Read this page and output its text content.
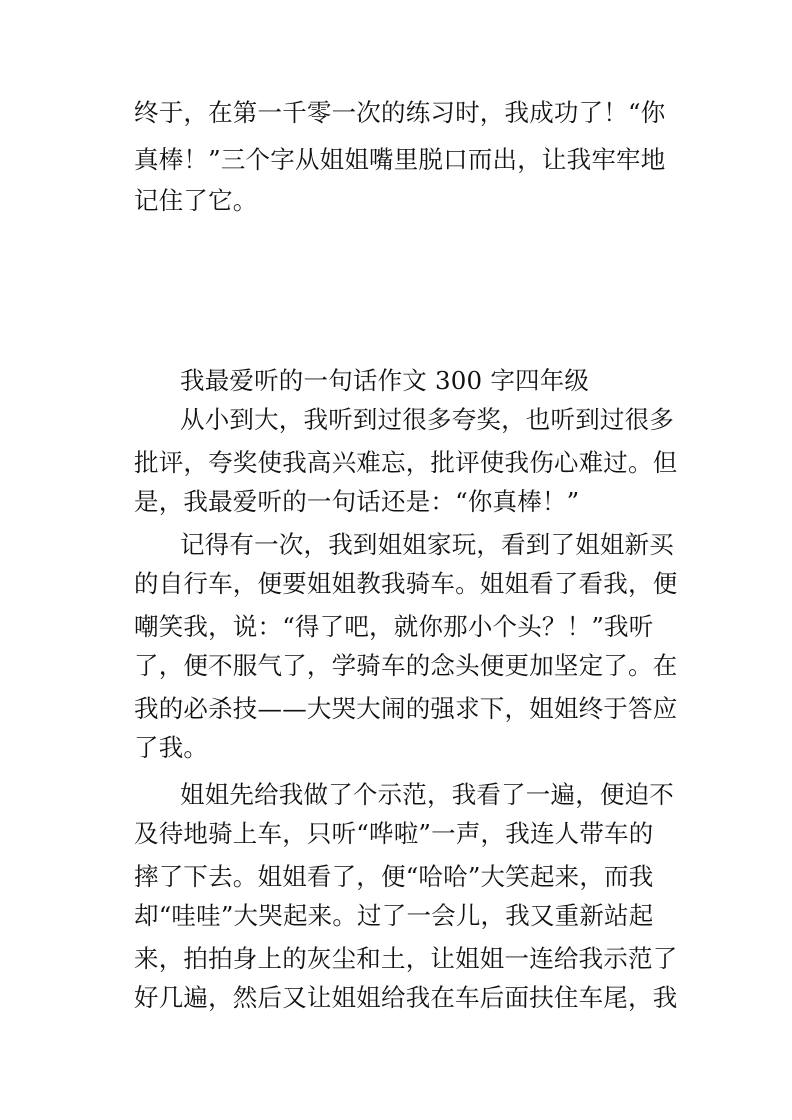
终于，在第一千零一次的练习时，我成功了！“你
真棒！”三个字从姐姐嘴里脱口而出，让我牢牢地
记住了它。
我最爱听的一句话作文 300 字四年级
从小到大，我听到过很多夸奖，也听到过很多
批评，夸奖使我高兴难忘，批评使我伤心难过。但
是，我最爱听的一句话还是：“你真棒！”
记得有一次，我到姐姐家玩，看到了姐姐新买
的自行车，便要姐姐教我骑车。姐姐看了看我，便
嘲笑我，说：“得了吧，就你那小个头？！”我听
了，便不服气了，学骑车的念头便更加坚定了。在
我的必杀技——大哭大闹的强求下，姐姐终于答应
了我。
姐姐先给我做了个示范，我看了一遍，便迫不
及待地骑上车，只听“哗啦”一声，我连人带车的
摔了下去。姐姐看了，便“哈哈”大笑起来，而我
却“哇哇”大哭起来。过了一会儿，我又重新站起
来，拍拍身上的灰尘和土，让姐姐一连给我示范了
好几遍，然后又让姐姐给我在车后面扶住车尾，我
